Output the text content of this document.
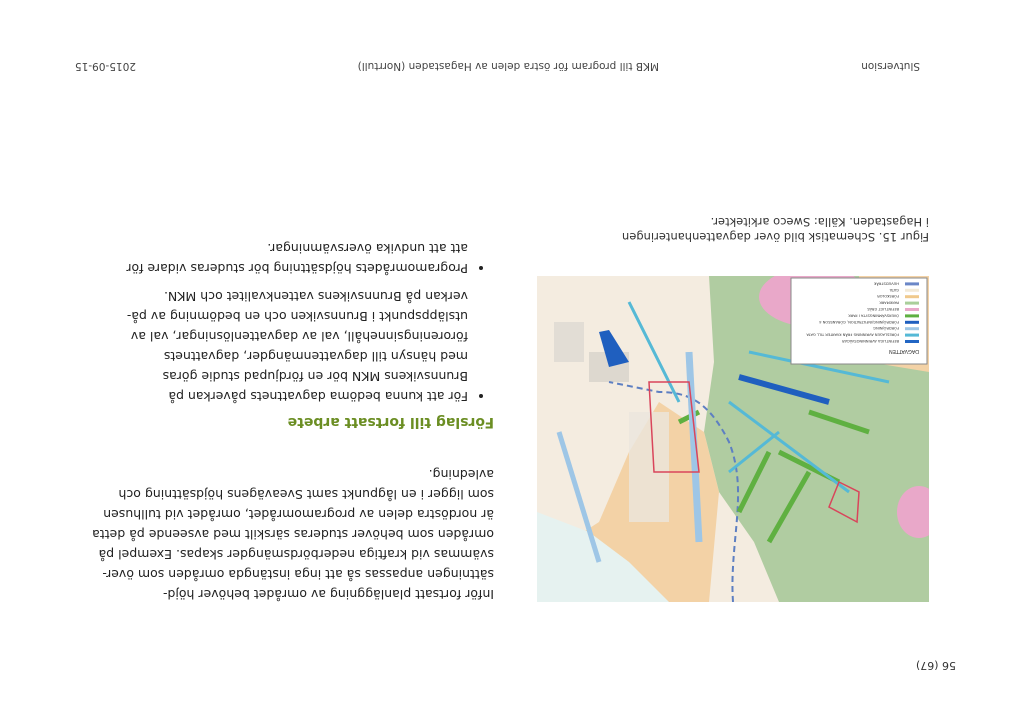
Slutversion
MKB till program för östra delen av Hagastaden (Norrtull)
2015-09-15
DAGVATTEN
BEFINTLIGA AVRINNINGSVÄGAR
FÖRESLAGEN AVRINNING FRÅN KVARTER TILL GATA
FÖRDRÖJNING
FÖRDRÖJNING/INFILTRATION, GÖRANSSON 4
ÖVERSVÄMNINGSYTA I PARK
BEFINTLIGT GRÄS
PARKMARK
FÖRSKOLOR
GATA
HUVUDSTRÅK
Figur 15. Schematisk bild över dagvattenhanteringen
i Hagastaden. Källa: Sweco arkitekter.

Inför fortsatt planläggning av området behöver höjd-
sättningen anpassas så att inga instängda områden som över-
svämmas vid kraftiga nederbördsmängder skapas. Exempel på
områden som behöver studeras särskilt med avseende på detta
är nordöstra delen av programområdet, området vid tullhusen
som ligger i en lågpunkt samt Sveavägens höjdsättning och
avledning.

Förslag till fortsatt arbete
• För att kunna bedöma dagvattnets påverkan på
Brunnsvikens MKN bör en fördjupad studie göras
med hänsyn till dagvattenmängder, dagvattnets
föroreningsinnehåll, val av dagvattenlösningar, val av
utsläppspunkt i Brunnsviken och en bedömning av på-
verkan på Brunnsvikens vattenkvalitet och MKN.
• Programområdets höjdsättning bör studeras vidare för
att att undvika översvämningar.
56 (67)
